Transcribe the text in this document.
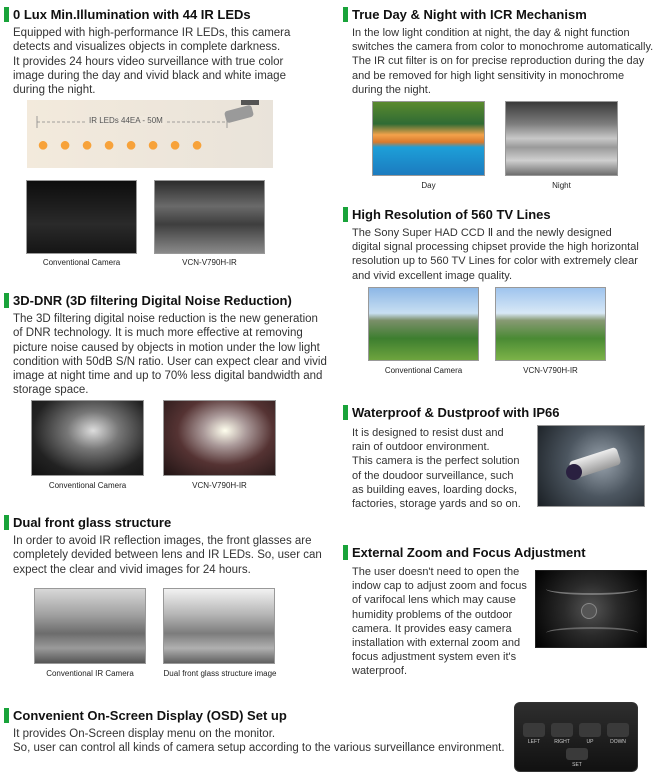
0 Lux Min.Illumination with 44 IR LEDs
Equipped with high-performance IR LEDs, this camera
detects and visualizes objects in complete darkness.
It provides 24 hours video surveillance with true color
image during the day and vivid black and white image
during the night.
IR LEDs 44EA - 50M
● ● ● ● ● ● ● ●
Conventional Camera	VCN-V790H-IR
3D-DNR (3D filtering Digital Noise Reduction)
The 3D filtering digital noise reduction is the new generation
of DNR technology. It is much more effective at removing
picture noise caused by objects in motion under the low light
condition with 50dB S/N ratio. User can expect clear and vivid
image at night time and up to 70% less digital bandwidth and
storage space.
Conventional Camera	VCN-V790H-IR
Dual front glass structure
In order to avoid IR reflection images, the front glasses are
completely devided between lens and IR LEDs. So, user can
expect the clear and vivid images for 24 hours.
Conventional IR Camera	Dual front glass structure image
Convenient On-Screen Display (OSD) Set up
It provides On-Screen display menu on the monitor.
So, user can control all kinds of camera setup according to the various surveillance environment.
LEFT	RIGHT	UP	DOWN
SET
True Day & Night with ICR Mechanism
In the low light condition at night, the day & night function
switches the camera from color to monochrome automatically.
The IR cut filter is on for precise reproduction during the day
and be removed for high light sensitivity in monochrome
during the night.
Day	Night
High Resolution of 560 TV Lines
The Sony Super HAD CCD Ⅱ and the newly designed
digital signal processing chipset provide the high horizontal
resolution up to 560 TV Lines for color with extremely clear
and vivid excellent image quality.
Conventional Camera	VCN-V790H-IR
Waterproof & Dustproof with IP66
It is designed to resist dust and
rain of outdoor environment.
This camera is the perfect solution
of the doudoor surveillance, such
as building eaves, loarding docks,
factories, storage yards and so on.
External Zoom and Focus Adjustment
The user doesn't need to open the
indow cap to adjust zoom and focus
of varifocal lens which may cause
humidity problems of the outdoor
camera. It provides easy camera
installation with external zoom and
focus adjustment system even it's
waterproof.
